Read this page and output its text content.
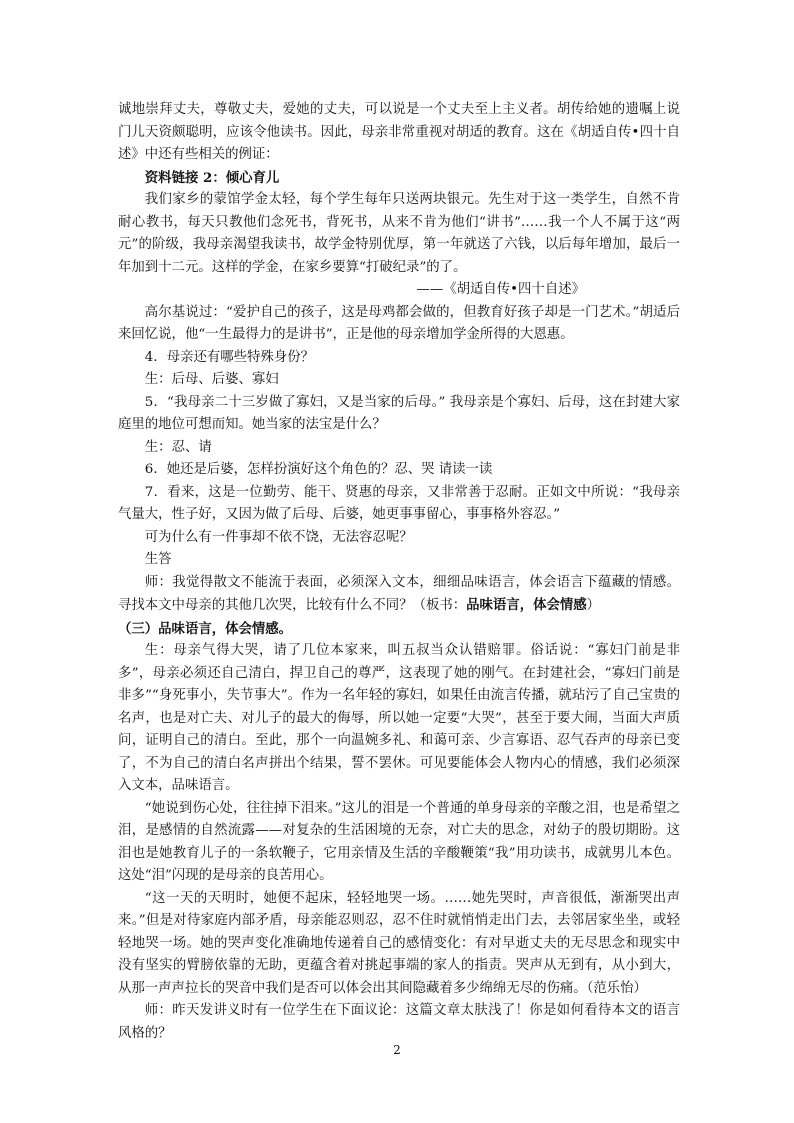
诚地崇拜丈夫，尊敬丈夫，爱她的丈夫，可以说是一个丈夫至上主义者。胡传给她的遗嘱上说门儿天资颇聪明，应该令他读书。因此，母亲非常重视对胡适的教育。这在《胡适自传•四十自述》中还有些相关的例证：

资料链接 2：倾心育儿

我们家乡的蒙馆学金太轻，每个学生每年只送两块银元。先生对于这一类学生，自然不肯耐心教书，每天只教他们念死书，背死书，从来不肯为他们“讲书”……我一个人不属于这“两元”的阶级，我母亲渴望我读书，故学金特别优厚，第一年就送了六钱，以后每年增加，最后一年加到十二元。这样的学金，在家乡要算“打破纪录”的了。

——《胡适自传•四十自述》

高尔基说过：“爱护自己的孩子，这是母鸡都会做的，但教育好孩子却是一门艺术。”胡适后来回忆说，他“一生最得力的是讲书”，正是他的母亲增加学金所得的大恩惠。

4．母亲还有哪些特殊身份？

生：后母、后婆、寡妇

5．“我母亲二十三岁做了寡妇，又是当家的后母。” 我母亲是个寡妇、后母，这在封建大家庭里的地位可想而知。她当家的法宝是什么？

生：忍、请

6．她还是后婆，怎样扮演好这个角色的？忍、哭 请读一读

7．看来，这是一位勤劳、能干、贤惠的母亲，又非常善于忍耐。正如文中所说：“我母亲气量大，性子好，又因为做了后母、后婆，她更事事留心，事事格外容忍。”

可为什么有一件事却不依不饶，无法容忍呢？

生答

师：我觉得散文不能流于表面，必须深入文本，细细品味语言，体会语言下蕴藏的情感。寻找本文中母亲的其他几次哭，比较有什么不同？（板书：品味语言，体会情感）

（三）品味语言，体会情感。

生：母亲气得大哭，请了几位本家来，叫五叔当众认错赔罪。俗话说：“寡妇门前是非多”，母亲必须还自己清白，捍卫自己的尊严，这表现了她的刚气。在封建社会，“寡妇门前是非多”“身死事小，失节事大”。作为一名年轻的寡妇，如果任由流言传播，就玷污了自己宝贵的名声，也是对亡夫、对儿子的最大的侮辱，所以她一定要“大哭”，甚至于要大闹，当面大声质问，证明自己的清白。至此，那个一向温婉多礼、和蔼可亲、少言寡语、忍气吞声的母亲已变了，不为自己的清白名声拼出个结果，誓不罢休。可见要能体会人物内心的情感，我们必须深入文本，品味语言。

“她说到伤心处，往往掉下泪来。”这儿的泪是一个普通的单身母亲的辛酸之泪，也是希望之泪，是感情的自然流露——对复杂的生活困境的无奈，对亡夫的思念，对幼子的殷切期盼。这泪也是她教育儿子的一条软鞭子，它用亲情及生活的辛酸鞭策“我”用功读书，成就男儿本色。这处“泪”闪现的是母亲的良苦用心。

“这一天的天明时，她便不起床，轻轻地哭一场。……她先哭时，声音很低，渐渐哭出声来。”但是对待家庭内部矛盾，母亲能忍则忍，忍不住时就悄悄走出门去，去邻居家坐坐，或轻轻地哭一场。她的哭声变化准确地传递着自己的感情变化：有对早逝丈夫的无尽思念和现实中没有坚实的臂膀依靠的无助，更蕴含着对挑起事端的家人的指责。哭声从无到有，从小到大，从那一声声拉长的哭音中我们是否可以体会出其间隐藏着多少绵绵无尽的伤痛。（范乐怡）

师：昨天发讲义时有一位学生在下面议论：这篇文章太肤浅了！你是如何看待本文的语言风格的？

2
